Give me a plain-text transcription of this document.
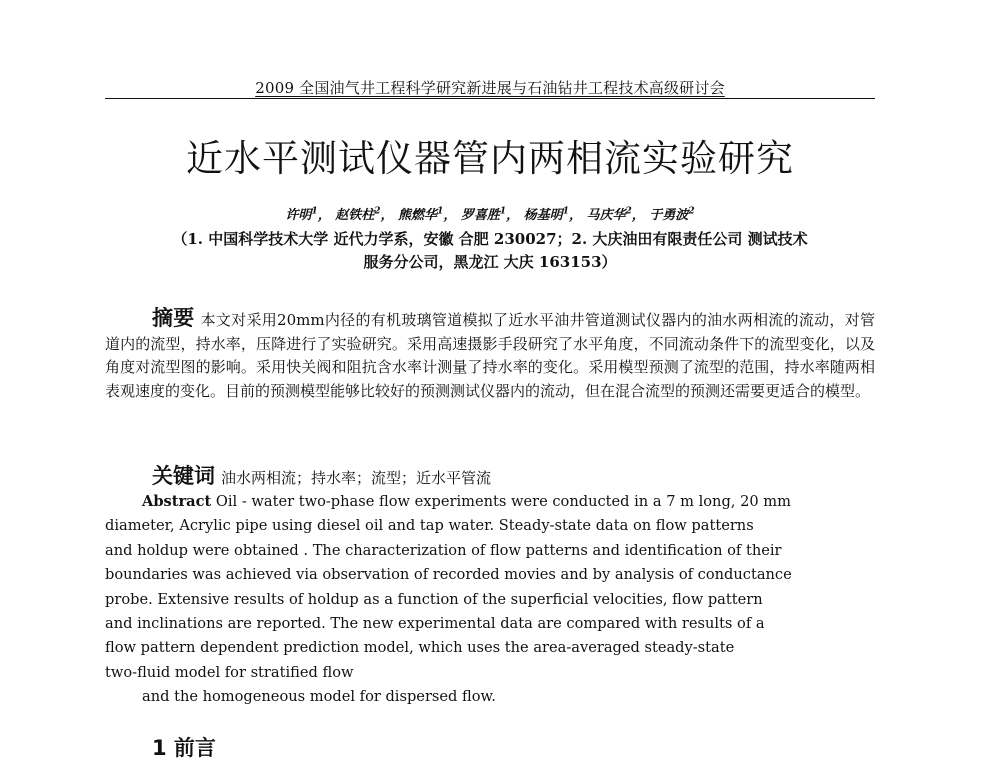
2009 全国油气井工程科学研究新进展与石油钻井工程技术高级研讨会
近水平测试仪器管内两相流实验研究
许明$^1$， 赵铁柱$^2$， 熊燃华$^1$， 罗喜胜$^1$， 杨基明$^1$， 马庆华$^2$， 于勇波$^2$
（1. 中国科学技术大学 近代力学系，安徽 合肥 230027；2. 大庆油田有限责任公司 测试技术
服务分公司，黑龙江 大庆 163153）
摘要 本文对采用20mm内径的有机玻璃管道模拟了近水平油井管道测试仪器内的油水两相流的流动，对管道内的流型，持水率，压降进行了实验研究。采用高速摄影手段研究了水平角度，不同流动条件下的流型变化，以及角度对流型图的影响。采用快关阀和阻抗含水率计测量了持水率的变化。采用模型预测了流型的范围，持水率随两相表观速度的变化。目前的预测模型能够比较好的预测测试仪器内的流动，但在混合流型的预测还需要更适合的模型。
关键词 油水两相流；持水率；流型；近水平管流
Abstract Oil - water two-phase flow experiments were conducted in a 7 m long, 20 mm
diameter, Acrylic pipe using diesel oil and tap water. Steady-state data on flow patterns
and holdup were obtained . The characterization of flow patterns and identification of their
boundaries was achieved via observation of recorded movies and by analysis of conductance
probe. Extensive results of holdup as a function of the superficial velocities, flow pattern
and inclinations are reported. The new experimental data are compared with results of a
flow pattern dependent prediction model, which uses the area-averaged steady-state
two-fluid model for stratified flow
and the homogeneous model for dispersed flow.
1 前言
